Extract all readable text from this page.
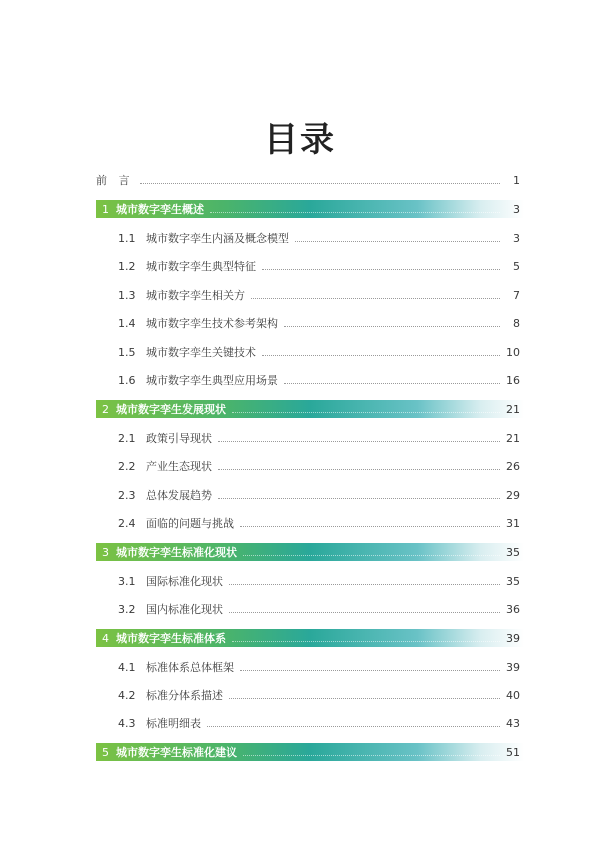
目录
前 言	1
1 城市数字孪生概述	3
1.1 城市数字孪生内涵及概念模型	3
1.2 城市数字孪生典型特征	5
1.3 城市数字孪生相关方	7
1.4 城市数字孪生技术参考架构	8
1.5 城市数字孪生关键技术	10
1.6 城市数字孪生典型应用场景	16
2 城市数字孪生发展现状	21
2.1 政策引导现状	21
2.2 产业生态现状	26
2.3 总体发展趋势	29
2.4 面临的问题与挑战	31
3 城市数字孪生标准化现状	35
3.1 国际标准化现状	35
3.2 国内标准化现状	36
4 城市数字孪生标准体系	39
4.1 标准体系总体框架	39
4.2 标准分体系描述	40
4.3 标准明细表	43
5 城市数字孪生标准化建议	51
